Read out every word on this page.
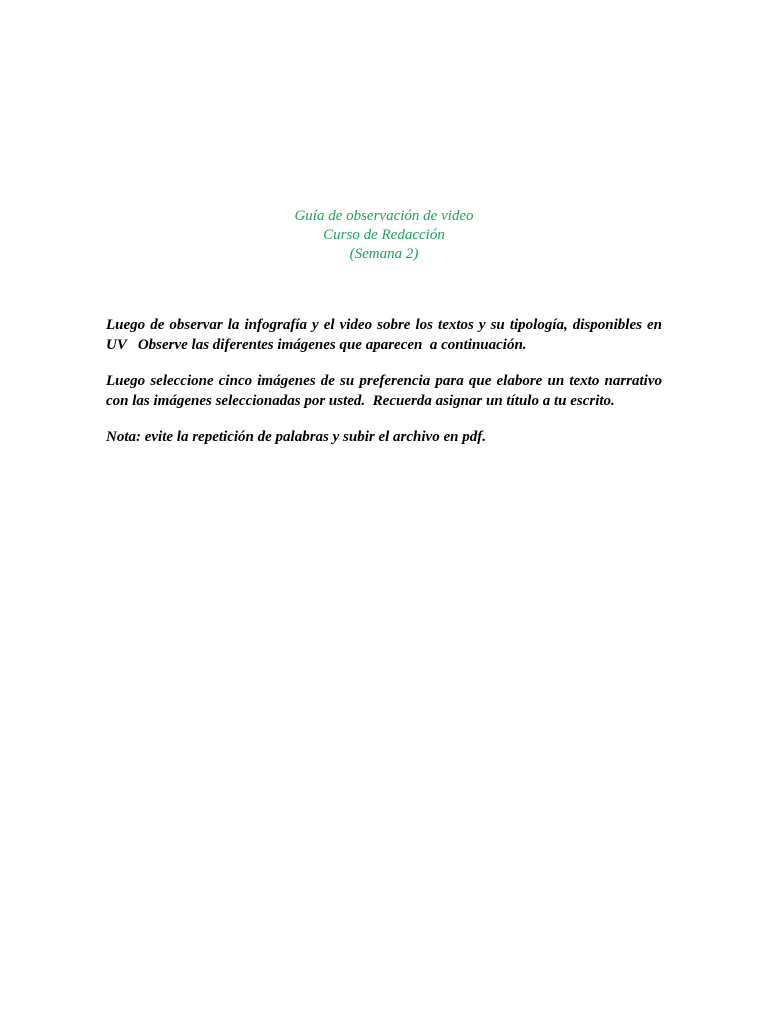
Guía de observación de video
Curso de Redacción
(Semana 2)

Luego de observar la infografía y el video sobre los textos y su tipología, disponibles en
UV   Observe las diferentes imágenes que aparecen  a continuación.

Luego seleccione cinco imágenes de su preferencia para que elabore un texto narrativo
con las imágenes seleccionadas por usted.  Recuerda asignar un título a tu escrito.

Nota: evite la repetición de palabras y subir el archivo en pdf.
